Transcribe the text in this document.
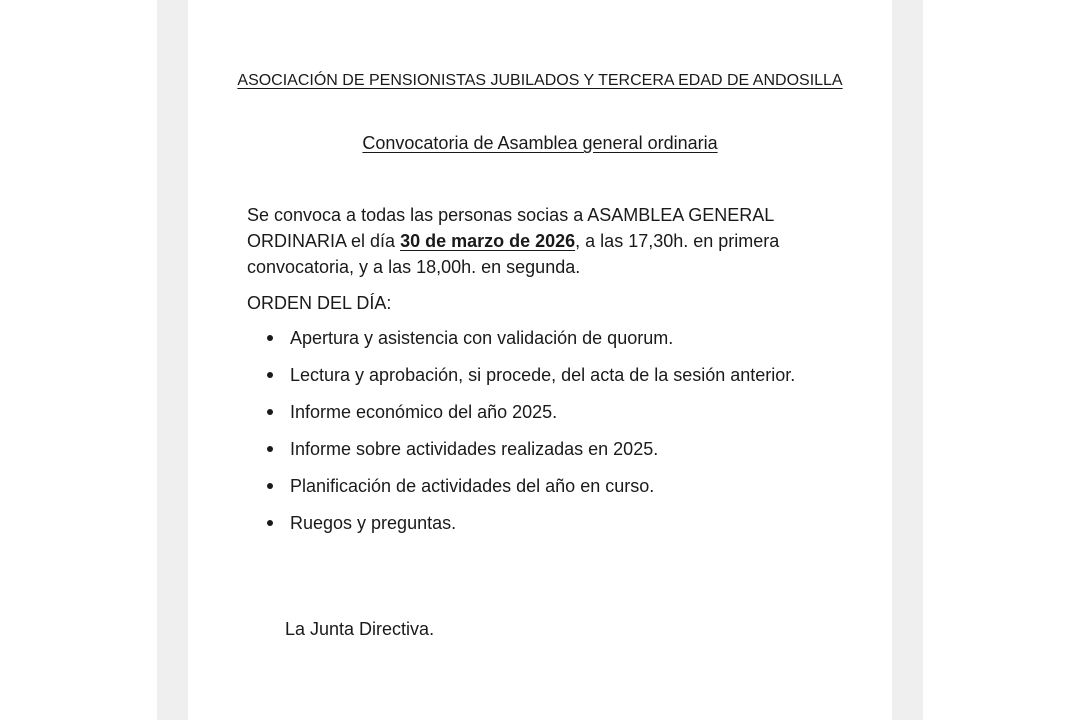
ASOCIACIÓN DE PENSIONISTAS JUBILADOS Y TERCERA EDAD DE ANDOSILLA
Convocatoria de Asamblea general ordinaria
Se convoca a todas las personas socias a ASAMBLEA GENERAL ORDINARIA el día 30 de marzo de 2026, a las 17,30h. en primera convocatoria, y a las 18,00h. en segunda.
ORDEN DEL DÍA:
Apertura y asistencia con validación de quorum.
Lectura y aprobación, si procede, del acta de la sesión anterior.
Informe económico del año 2025.
Informe sobre actividades realizadas en 2025.
Planificación de actividades del año en curso.
Ruegos y preguntas.
La Junta Directiva.
